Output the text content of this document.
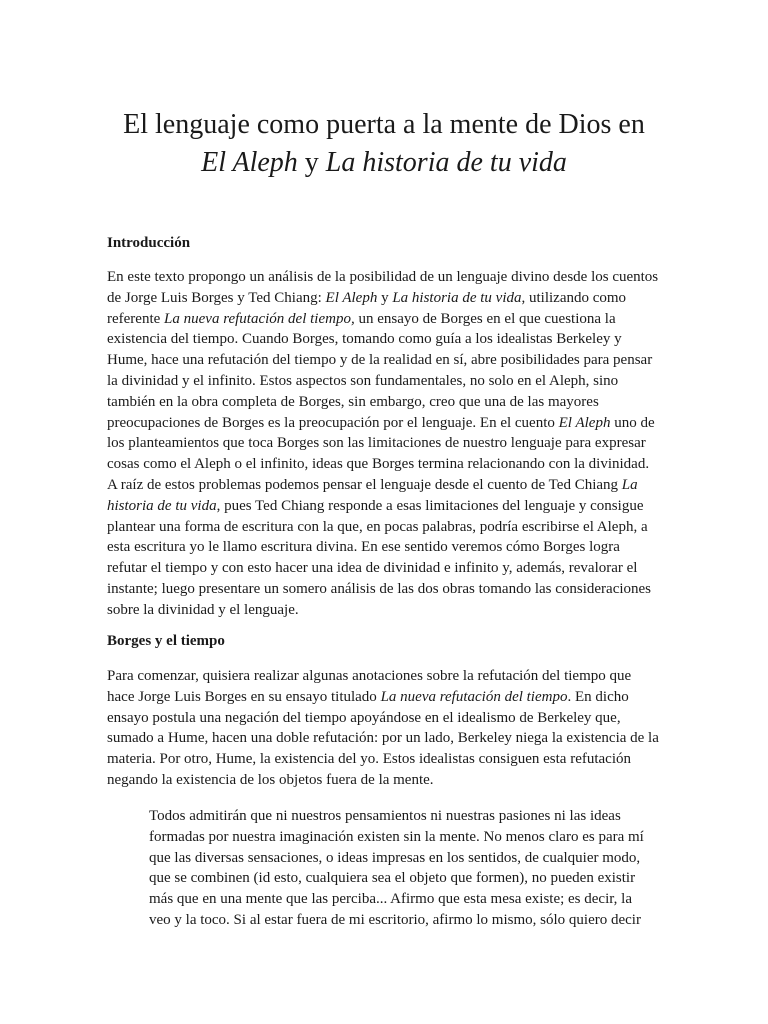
El lenguaje como puerta a la mente de Dios en
El Aleph y La historia de tu vida
Introducción
En este texto propongo un análisis de la posibilidad de un lenguaje divino desde los cuentos
de Jorge Luis Borges y Ted Chiang: El Aleph y La historia de tu vida, utilizando como
referente La nueva refutación del tiempo, un ensayo de Borges en el que cuestiona la
existencia del tiempo. Cuando Borges, tomando como guía a los idealistas Berkeley y
Hume, hace una refutación del tiempo y de la realidad en sí, abre posibilidades para pensar
la divinidad y el infinito. Estos aspectos son fundamentales, no solo en el Aleph, sino
también en la obra completa de Borges, sin embargo, creo que una de las mayores
preocupaciones de Borges es la preocupación por el lenguaje. En el cuento El Aleph uno de
los planteamientos que toca Borges son las limitaciones de nuestro lenguaje para expresar
cosas como el Aleph o el infinito, ideas que Borges termina relacionando con la divinidad.
A raíz de estos problemas podemos pensar el lenguaje desde el cuento de Ted Chiang La
historia de tu vida, pues Ted Chiang responde a esas limitaciones del lenguaje y consigue
plantear una forma de escritura con la que, en pocas palabras, podría escribirse el Aleph, a
esta escritura yo le llamo escritura divina. En ese sentido veremos cómo Borges logra
refutar el tiempo y con esto hacer una idea de divinidad e infinito y, además, revalorar el
instante; luego presentare un somero análisis de las dos obras tomando las consideraciones
sobre la divinidad y el lenguaje.
Borges y el tiempo
Para comenzar, quisiera realizar algunas anotaciones sobre la refutación del tiempo que
hace Jorge Luis Borges en su ensayo titulado La nueva refutación del tiempo. En dicho
ensayo postula una negación del tiempo apoyándose en el idealismo de Berkeley que,
sumado a Hume, hacen una doble refutación: por un lado, Berkeley niega la existencia de la
materia. Por otro, Hume, la existencia del yo. Estos idealistas consiguen esta refutación
negando la existencia de los objetos fuera de la mente.
Todos admitirán que ni nuestros pensamientos ni nuestras pasiones ni las ideas
formadas por nuestra imaginación existen sin la mente. No menos claro es para mí
que las diversas sensaciones, o ideas impresas en los sentidos, de cualquier modo,
que se combinen (id esto, cualquiera sea el objeto que formen), no pueden existir
más que en una mente que las perciba... Afirmo que esta mesa existe; es decir, la
veo y la toco. Si al estar fuera de mi escritorio, afirmo lo mismo, sólo quiero decir
